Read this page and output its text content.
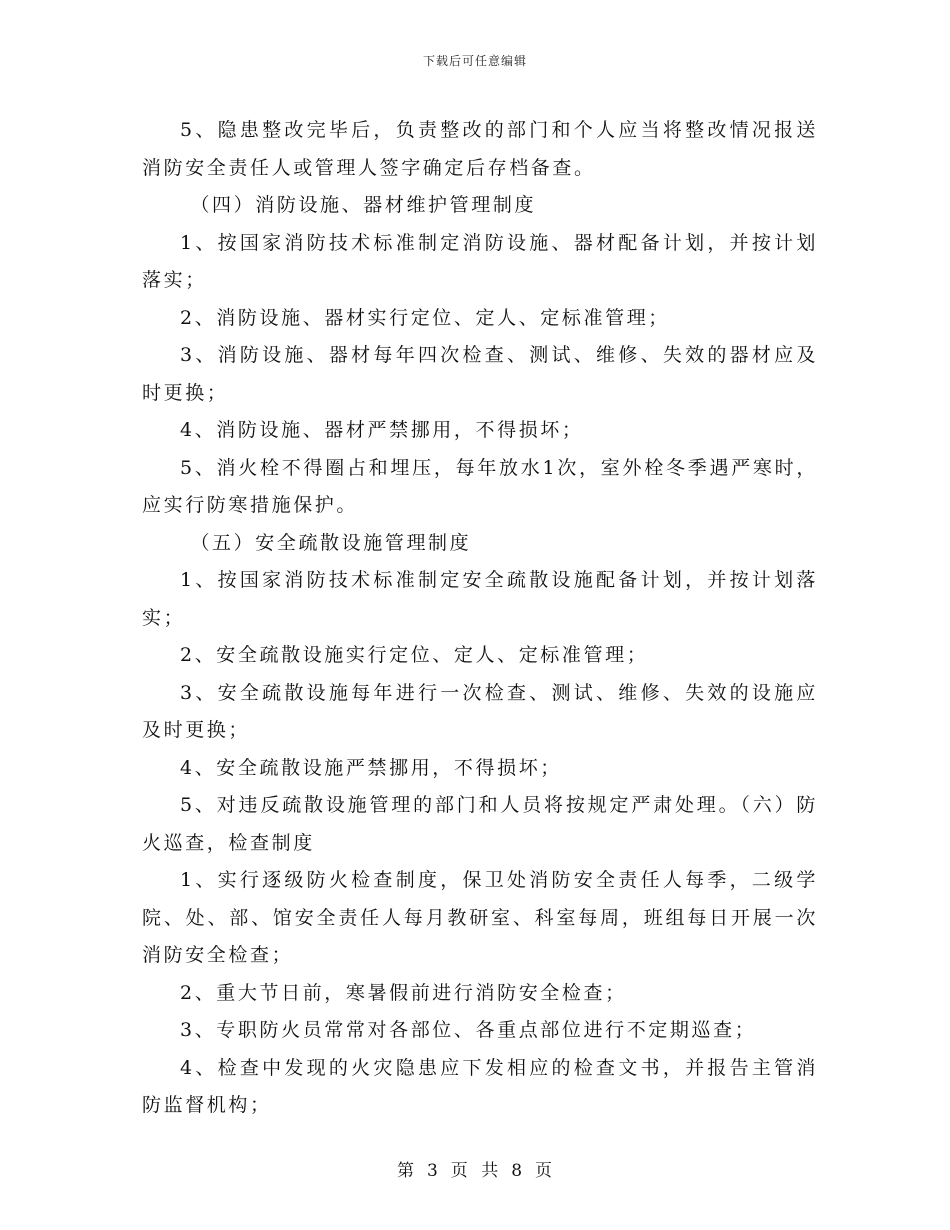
下载后可任意编辑

5、隐患整改完毕后，负责整改的部门和个人应当将整改情况报送消防安全责任人或管理人签字确定后存档备查。

（四）消防设施、器材维护管理制度

1、按国家消防技术标准制定消防设施、器材配备计划，并按计划落实；

2、消防设施、器材实行定位、定人、定标准管理；

3、消防设施、器材每年四次检查、测试、维修、失效的器材应及时更换；

4、消防设施、器材严禁挪用，不得损坏；

5、消火栓不得圈占和埋压，每年放水1次，室外栓冬季遇严寒时，应实行防寒措施保护。

（五）安全疏散设施管理制度

1、按国家消防技术标准制定安全疏散设施配备计划，并按计划落实；

2、安全疏散设施实行定位、定人、定标准管理；

3、安全疏散设施每年进行一次检查、测试、维修、失效的设施应及时更换；

4、安全疏散设施严禁挪用，不得损坏；

5、对违反疏散设施管理的部门和人员将按规定严肃处理。（六）防火巡查，检查制度

1、实行逐级防火检查制度，保卫处消防安全责任人每季，二级学院、处、部、馆安全责任人每月教研室、科室每周，班组每日开展一次消防安全检查；

2、重大节日前，寒暑假前进行消防安全检查；

3、专职防火员常常对各部位、各重点部位进行不定期巡查；

4、检查中发现的火灾隐患应下发相应的检查文书，并报告主管消防监督机构；

第 3 页 共 8 页
